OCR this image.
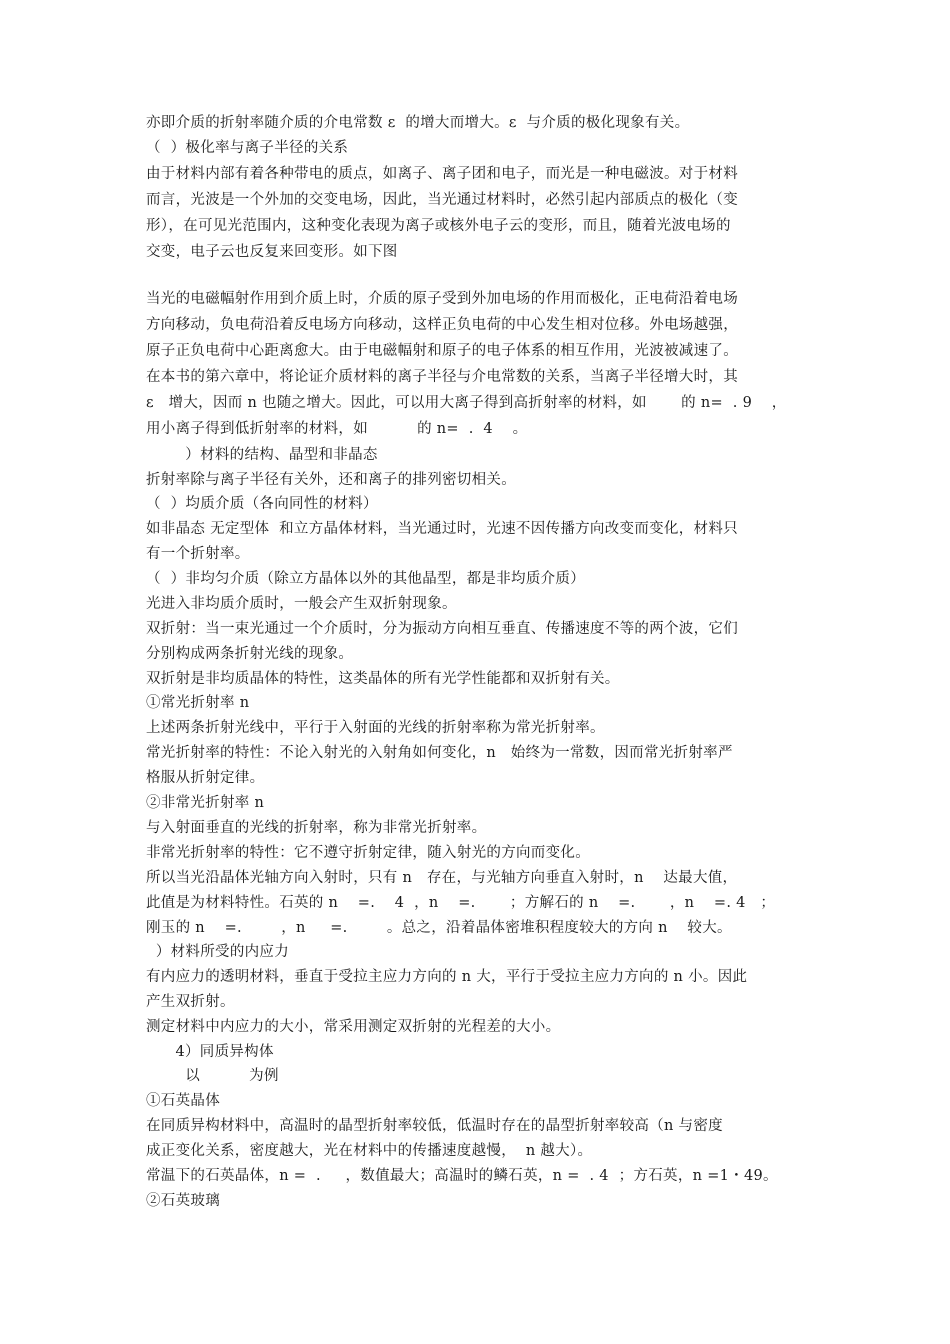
亦即介质的折射率随介质的介电常数 ε  的增大而增大。ε  与介质的极化现象有关。
（  ）极化率与离子半径的关系
由于材料内部有着各种带电的质点，如离子、离子团和电子，而光是一种电磁波。对于材料
而言，光波是一个外加的交变电场，因此，当光通过材料时，必然引起内部质点的极化（变
形），在可见光范围内，这种变化表现为离子或核外电子云的变形，而且，随着光波电场的
交变，电子云也反复来回变形。如下图
当光的电磁幅射作用到介质上时，介质的原子受到外加电场的作用而极化，正电荷沿着电场
方向移动，负电荷沿着反电场方向移动，这样正负电荷的中心发生相对位移。外电场越强，
原子正负电荷中心距离愈大。由于电磁幅射和原子的电子体系的相互作用，光波被减速了。
在本书的第六章中，将论证介质材料的离子半径与介电常数的关系，当离子半径增大时，其
ε   增大，因而 n 也随之增大。因此，可以用大离子得到高折射率的材料，如       的 n=  . 9    ，
用小离子得到低折射率的材料，如          的 n=  .  4    。
）材料的结构、晶型和非晶态
折射率除与离子半径有关外，还和离子的排列密切相关。
（  ）均质介质（各向同性的材料）
如非晶态 无定型体  和立方晶体材料，当光通过时，光速不因传播方向改变而变化，材料只
有一个折射率。
（  ）非均匀介质（除立方晶体以外的其他晶型，都是非均质介质）
光进入非均质介质时，一般会产生双折射现象。
双折射：当一束光通过一个介质时，分为振动方向相互垂直、传播速度不等的两个波，它们
分别构成两条折射光线的现象。
双折射是非均质晶体的特性，这类晶体的所有光学性能都和双折射有关。
①常光折射率 n
上述两条折射光线中，平行于入射面的光线的折射率称为常光折射率。
常光折射率的特性：不论入射光的入射角如何变化，n   始终为一常数，因而常光折射率严
格服从折射定律。
②非常光折射率 n
与入射面垂直的光线的折射率，称为非常光折射率。
非常光折射率的特性：它不遵守折射定律，随入射光的方向而变化。
所以当光沿晶体光轴方向入射时，只有 n   存在，与光轴方向垂直入射时，n    达最大值，
此值是为材料特性。石英的 n    =.    4  ，n    =.       ；方解石的 n    =.       ，n    =. 4   ；
刚玉的 n    =.        ，n     =.        。总之，沿着晶体密堆积程度较大的方向 n    较大。
）材料所受的内应力
有内应力的透明材料，垂直于受拉主应力方向的 n 大，平行于受拉主应力方向的 n 小。因此
产生双折射。
测定材料中内应力的大小，常采用测定双折射的光程差的大小。
4）同质异构体
以          为例
①石英晶体
在同质异构材料中，高温时的晶型折射率较低，低温时存在的晶型折射率较高（n 与密度
成正变化关系，密度越大，光在材料中的传播速度越慢，  n 越大）。
常温下的石英晶体，n =  .     ，数值最大；高温时的鳞石英，n =  . 4  ；方石英，n =1・49。
②石英玻璃
